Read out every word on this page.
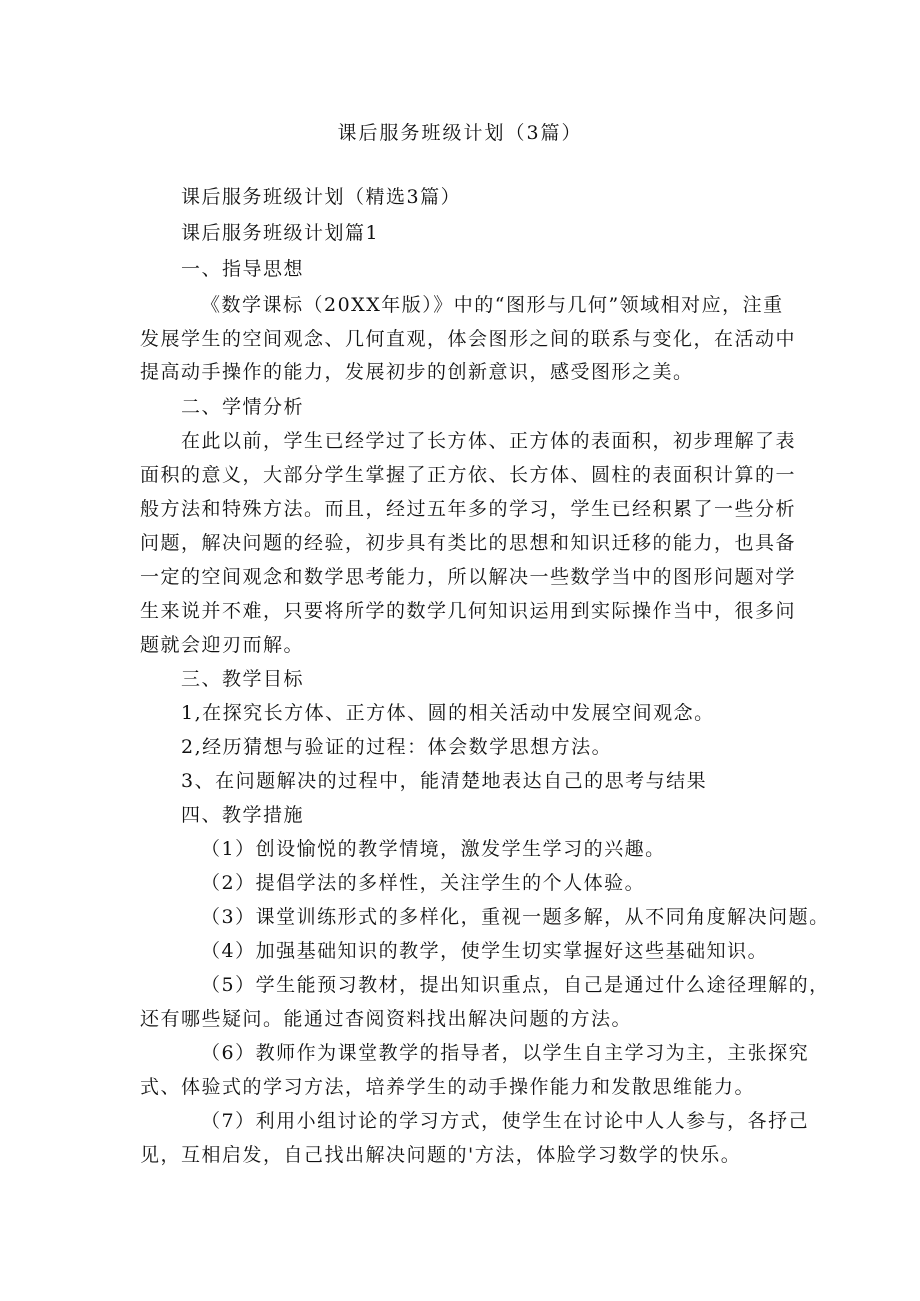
课后服务班级计划（3篇）
课后服务班级计划（精选3篇）
课后服务班级计划篇1
一、指导思想
《数学课标（20XX年版）》中的“图形与几何”领域相对应，注重
发展学生的空间观念、几何直观，体会图形之间的联系与变化，在活动中
提高动手操作的能力，发展初步的创新意识，感受图形之美。
二、学情分析
在此以前，学生已经学过了长方体、正方体的表面积，初步理解了表
面积的意义，大部分学生掌握了正方依、长方体、圆柱的表面积计算的一
般方法和特殊方法。而且，经过五年多的学习，学生已经积累了一些分析
问题，解决问题的经验，初步具有类比的思想和知识迁移的能力，也具备
一定的空间观念和数学思考能力，所以解决一些数学当中的图形问题对学
生来说并不难，只要将所学的数学几何知识运用到实际操作当中，很多问
题就会迎刃而解。
三、教学目标
1,在探究长方体、正方体、圆的相关活动中发展空间观念。
2,经历猜想与验证的过程：体会数学思想方法。
3、在问题解决的过程中，能清楚地表达自己的思考与结果
四、教学措施
（1）创设愉悦的教学情境，激发学生学习的兴趣。
（2）提倡学法的多样性，关注学生的个人体验。
（3）课堂训练形式的多样化，重视一题多解，从不同角度解决问题。
（4）加强基础知识的教学，使学生切实掌握好这些基础知识。
（5）学生能预习教材，提出知识重点，自己是通过什么途径理解的，
还有哪些疑问。能通过杳阅资料找出解决问题的方法。
（6）教师作为课堂教学的指导者，以学生自主学习为主，主张探究
式、体验式的学习方法，培养学生的动手操作能力和发散思维能力。
（7）利用小组讨论的学习方式，使学生在讨论中人人参与，各抒己
见，互相启发，自己找出解决问题的'方法，体脸学习数学的快乐。
